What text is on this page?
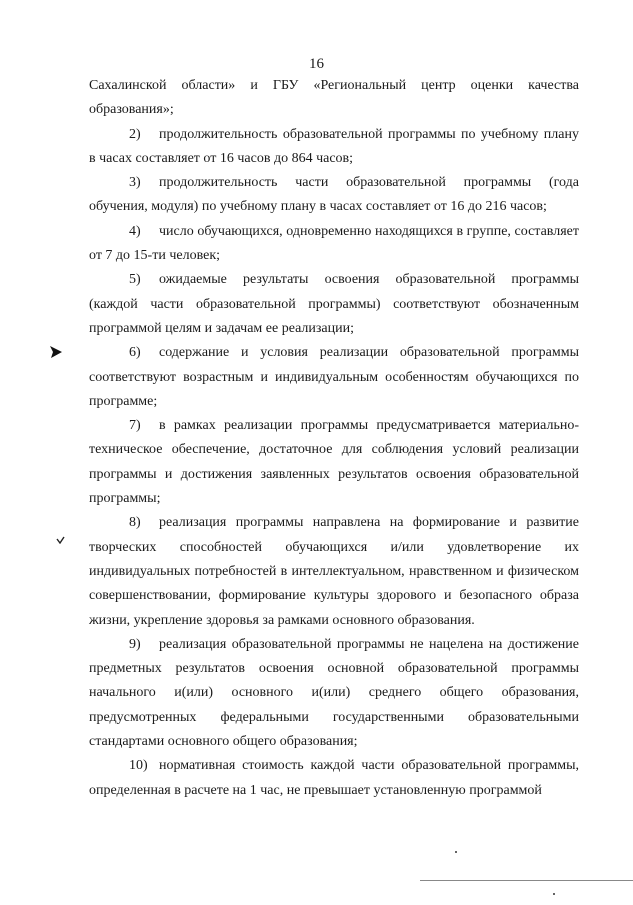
16

Сахалинской области» и ГБУ «Региональный центр оценки качества образования»;

2) продолжительность образовательной программы по учебному плану в часах составляет от 16 часов до 864 часов;

3) продолжительность части образовательной программы (года обучения, модуля) по учебному плану в часах составляет от 16 до 216 часов;

4) число обучающихся, одновременно находящихся в группе, составляет от 7 до 15-ти человек;

5) ожидаемые результаты освоения образовательной программы (каждой части образовательной программы) соответствуют обозначенным программой целям и задачам ее реализации;

6) содержание и условия реализации образовательной программы соответствуют возрастным и индивидуальным особенностям обучающихся по программе;

7) в рамках реализации программы предусматривается материально-техническое обеспечение, достаточное для соблюдения условий реализации программы и достижения заявленных результатов освоения образовательной программы;

8) реализация программы направлена на формирование и развитие творческих способностей обучающихся и/или удовлетворение их индивидуальных потребностей в интеллектуальном, нравственном и физическом совершенствовании, формирование культуры здорового и безопасного образа жизни, укрепление здоровья за рамками основного образования.

9) реализация образовательной программы не нацелена на достижение предметных результатов освоения основной образовательной программы начального и(или) основного и(или) среднего общего образования, предусмотренных федеральными государственными образовательными стандартами основного общего образования;

10) нормативная стоимость каждой части образовательной программы, определенная в расчете на 1 час, не превышает установленную программой
